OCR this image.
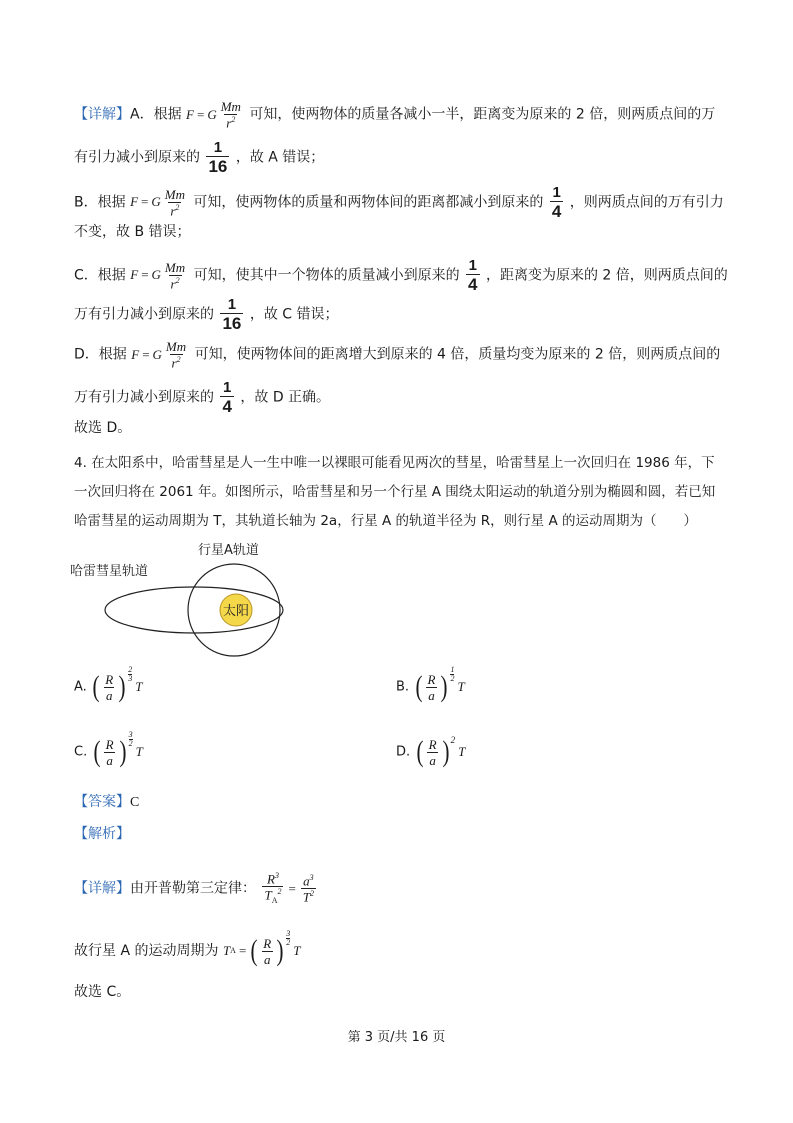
【详解】A．根据 F = G $\frac{Mm}{r^2}$ 可知，使两物体的质量各减小一半，距离变为原来的 2 倍，则两质点间的万
有引力减小到原来的 $\frac{1}{16}$ ，故 A 错误；
B．根据 F = G $\frac{Mm}{r^2}$ 可知，使两物体的质量和两物体间的距离都减小到原来的 $\frac{1}{4}$ ，则两质点间的万有引力
不变，故 B 错误；
C．根据 F = G $\frac{Mm}{r^2}$ 可知，使其中一个物体的质量减小到原来的 $\frac{1}{4}$ ，距离变为原来的 2 倍，则两质点间的
万有引力减小到原来的 $\frac{1}{16}$ ，故 C 错误；
D．根据 F = G $\frac{Mm}{r^2}$ 可知，使两物体间的距离增大到原来的 4 倍，质量均变为原来的 2 倍，则两质点间的
万有引力减小到原来的 $\frac{1}{4}$ ，故 D 正确。
故选 D。
4. 在太阳系中，哈雷彗星是人一生中唯一以裸眼可能看见两次的彗星，哈雷彗星上一次回归在 1986 年，下
一次回归将在 2061 年。如图所示，哈雷彗星和另一个行星 A 围绕太阳运动的轨道分别为椭圆和圆，若已知
哈雷彗星的运动周期为 T，其轨道长轴为 2a，行星 A 的轨道半径为 R，则行星 A 的运动周期为（　　）
太阳
行星A轨道
哈雷彗星轨道
A. ( $\frac{R}{a}$ ) $\frac{2}{3}$
T	B. ( $\frac{R}{a}$ ) $\frac{1}{2}$
T
C. ( $\frac{R}{a}$ ) $\frac{3}{2}$
T	D. ( $\frac{R}{a}$ ) 2
T
【答案】C
【解析】
【详解】由开普勒第三定律： $\frac{R^3}{T_A^2} = \frac{a^3}{T^2}$
故行星 A 的运动周期为 T A = ( $\frac{R}{a}$ ) $\frac{3}{2}$
T
故选 C。
第 3 页/共 16 页
